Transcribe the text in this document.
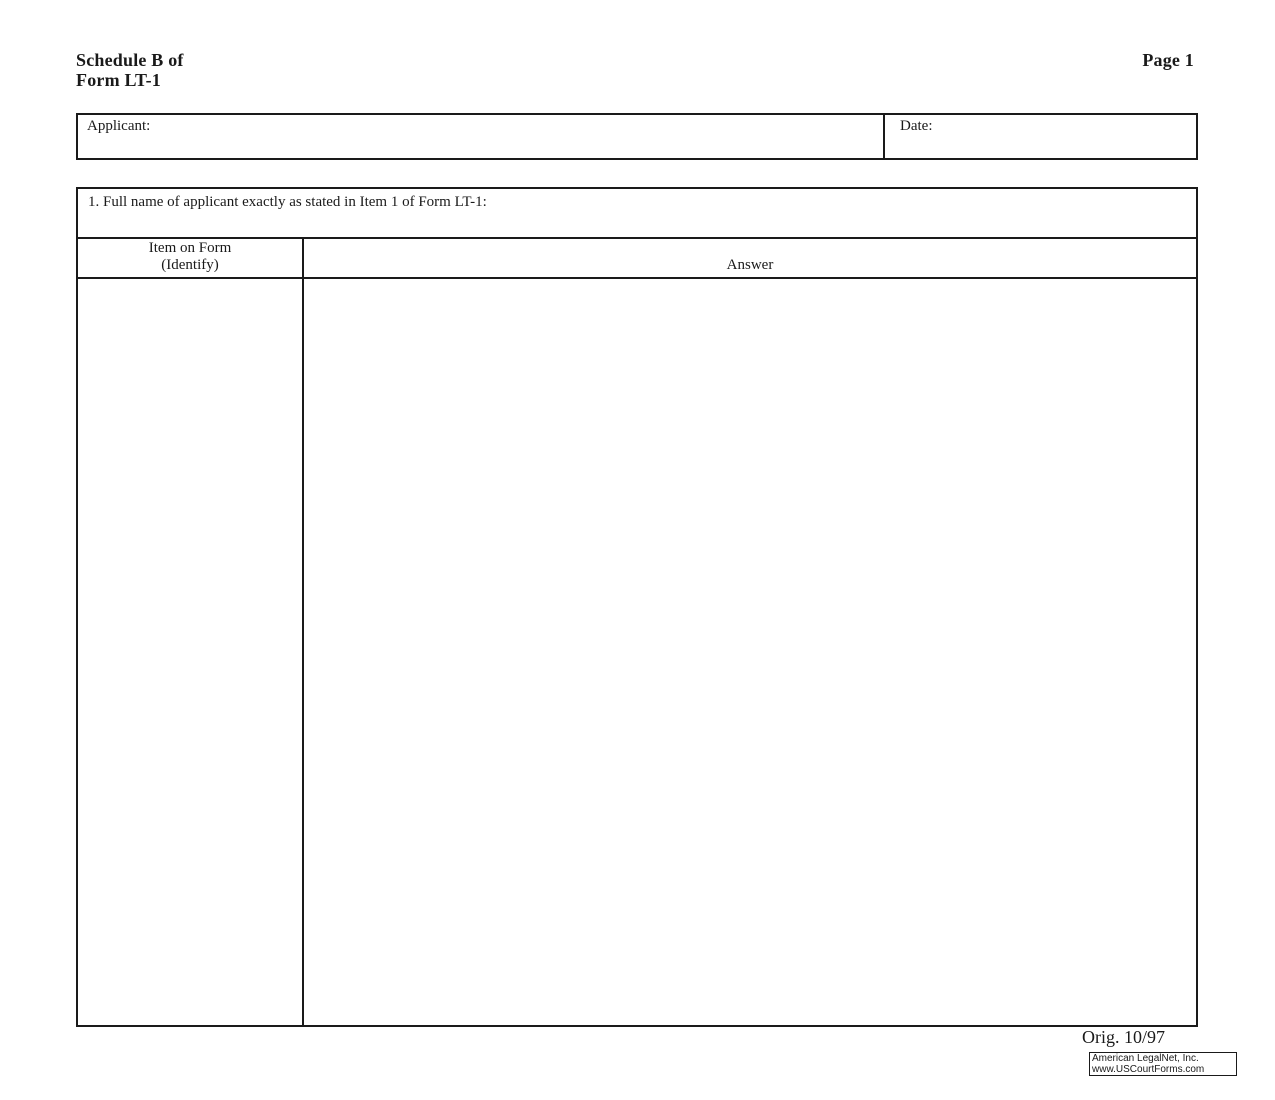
Schedule B of
Form LT-1
Page 1
Applicant:	Date:
1. Full name of applicant exactly as stated in Item 1 of Form LT-1:
Item on Form
(Identify)	Answer
Orig. 10/97
American LegalNet, Inc.
www.USCourtForms.com
